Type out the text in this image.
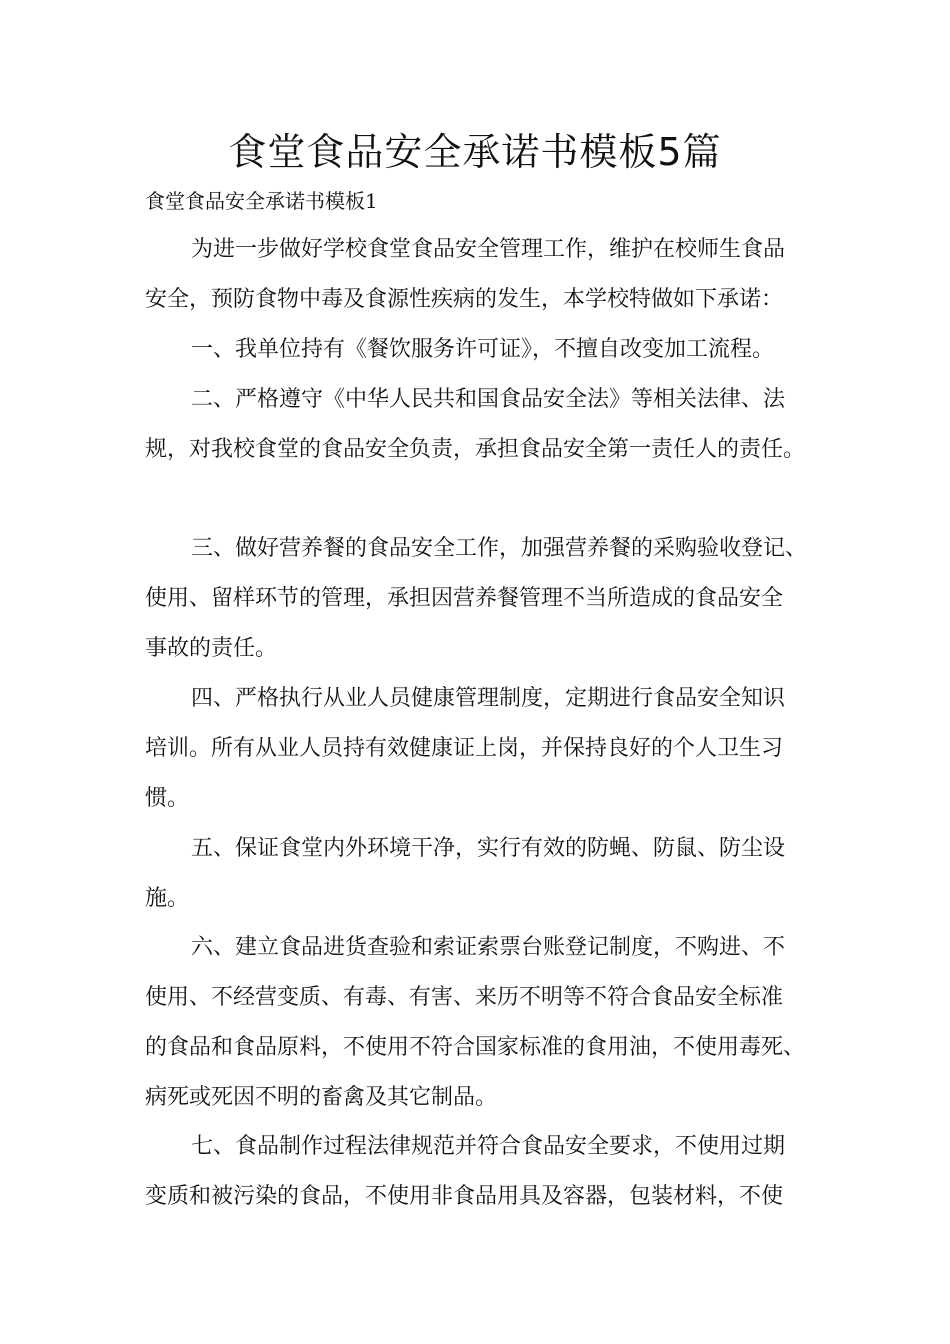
食堂食品安全承诺书模板5篇

食堂食品安全承诺书模板1

为进一步做好学校食堂食品安全管理工作，维护在校师生食品
安全，预防食物中毒及食源性疾病的发生，本学校特做如下承诺：

一、我单位持有《餐饮服务许可证》，不擅自改变加工流程。

二、严格遵守《中华人民共和国食品安全法》等相关法律、法
规，对我校食堂的食品安全负责，承担食品安全第一责任人的责任。

三、做好营养餐的食品安全工作，加强营养餐的采购验收登记、
使用、留样环节的管理，承担因营养餐管理不当所造成的食品安全
事故的责任。

四、严格执行从业人员健康管理制度，定期进行食品安全知识
培训。所有从业人员持有效健康证上岗，并保持良好的个人卫生习
惯。

五、保证食堂内外环境干净，实行有效的防蝇、防鼠、防尘设
施。

六、建立食品进货查验和索证索票台账登记制度，不购进、不
使用、不经营变质、有毒、有害、来历不明等不符合食品安全标准
的食品和食品原料，不使用不符合国家标准的食用油，不使用毒死、
病死或死因不明的畜禽及其它制品。

七、食品制作过程法律规范并符合食品安全要求，不使用过期
变质和被污染的食品，不使用非食品用具及容器，包装材料，不使
